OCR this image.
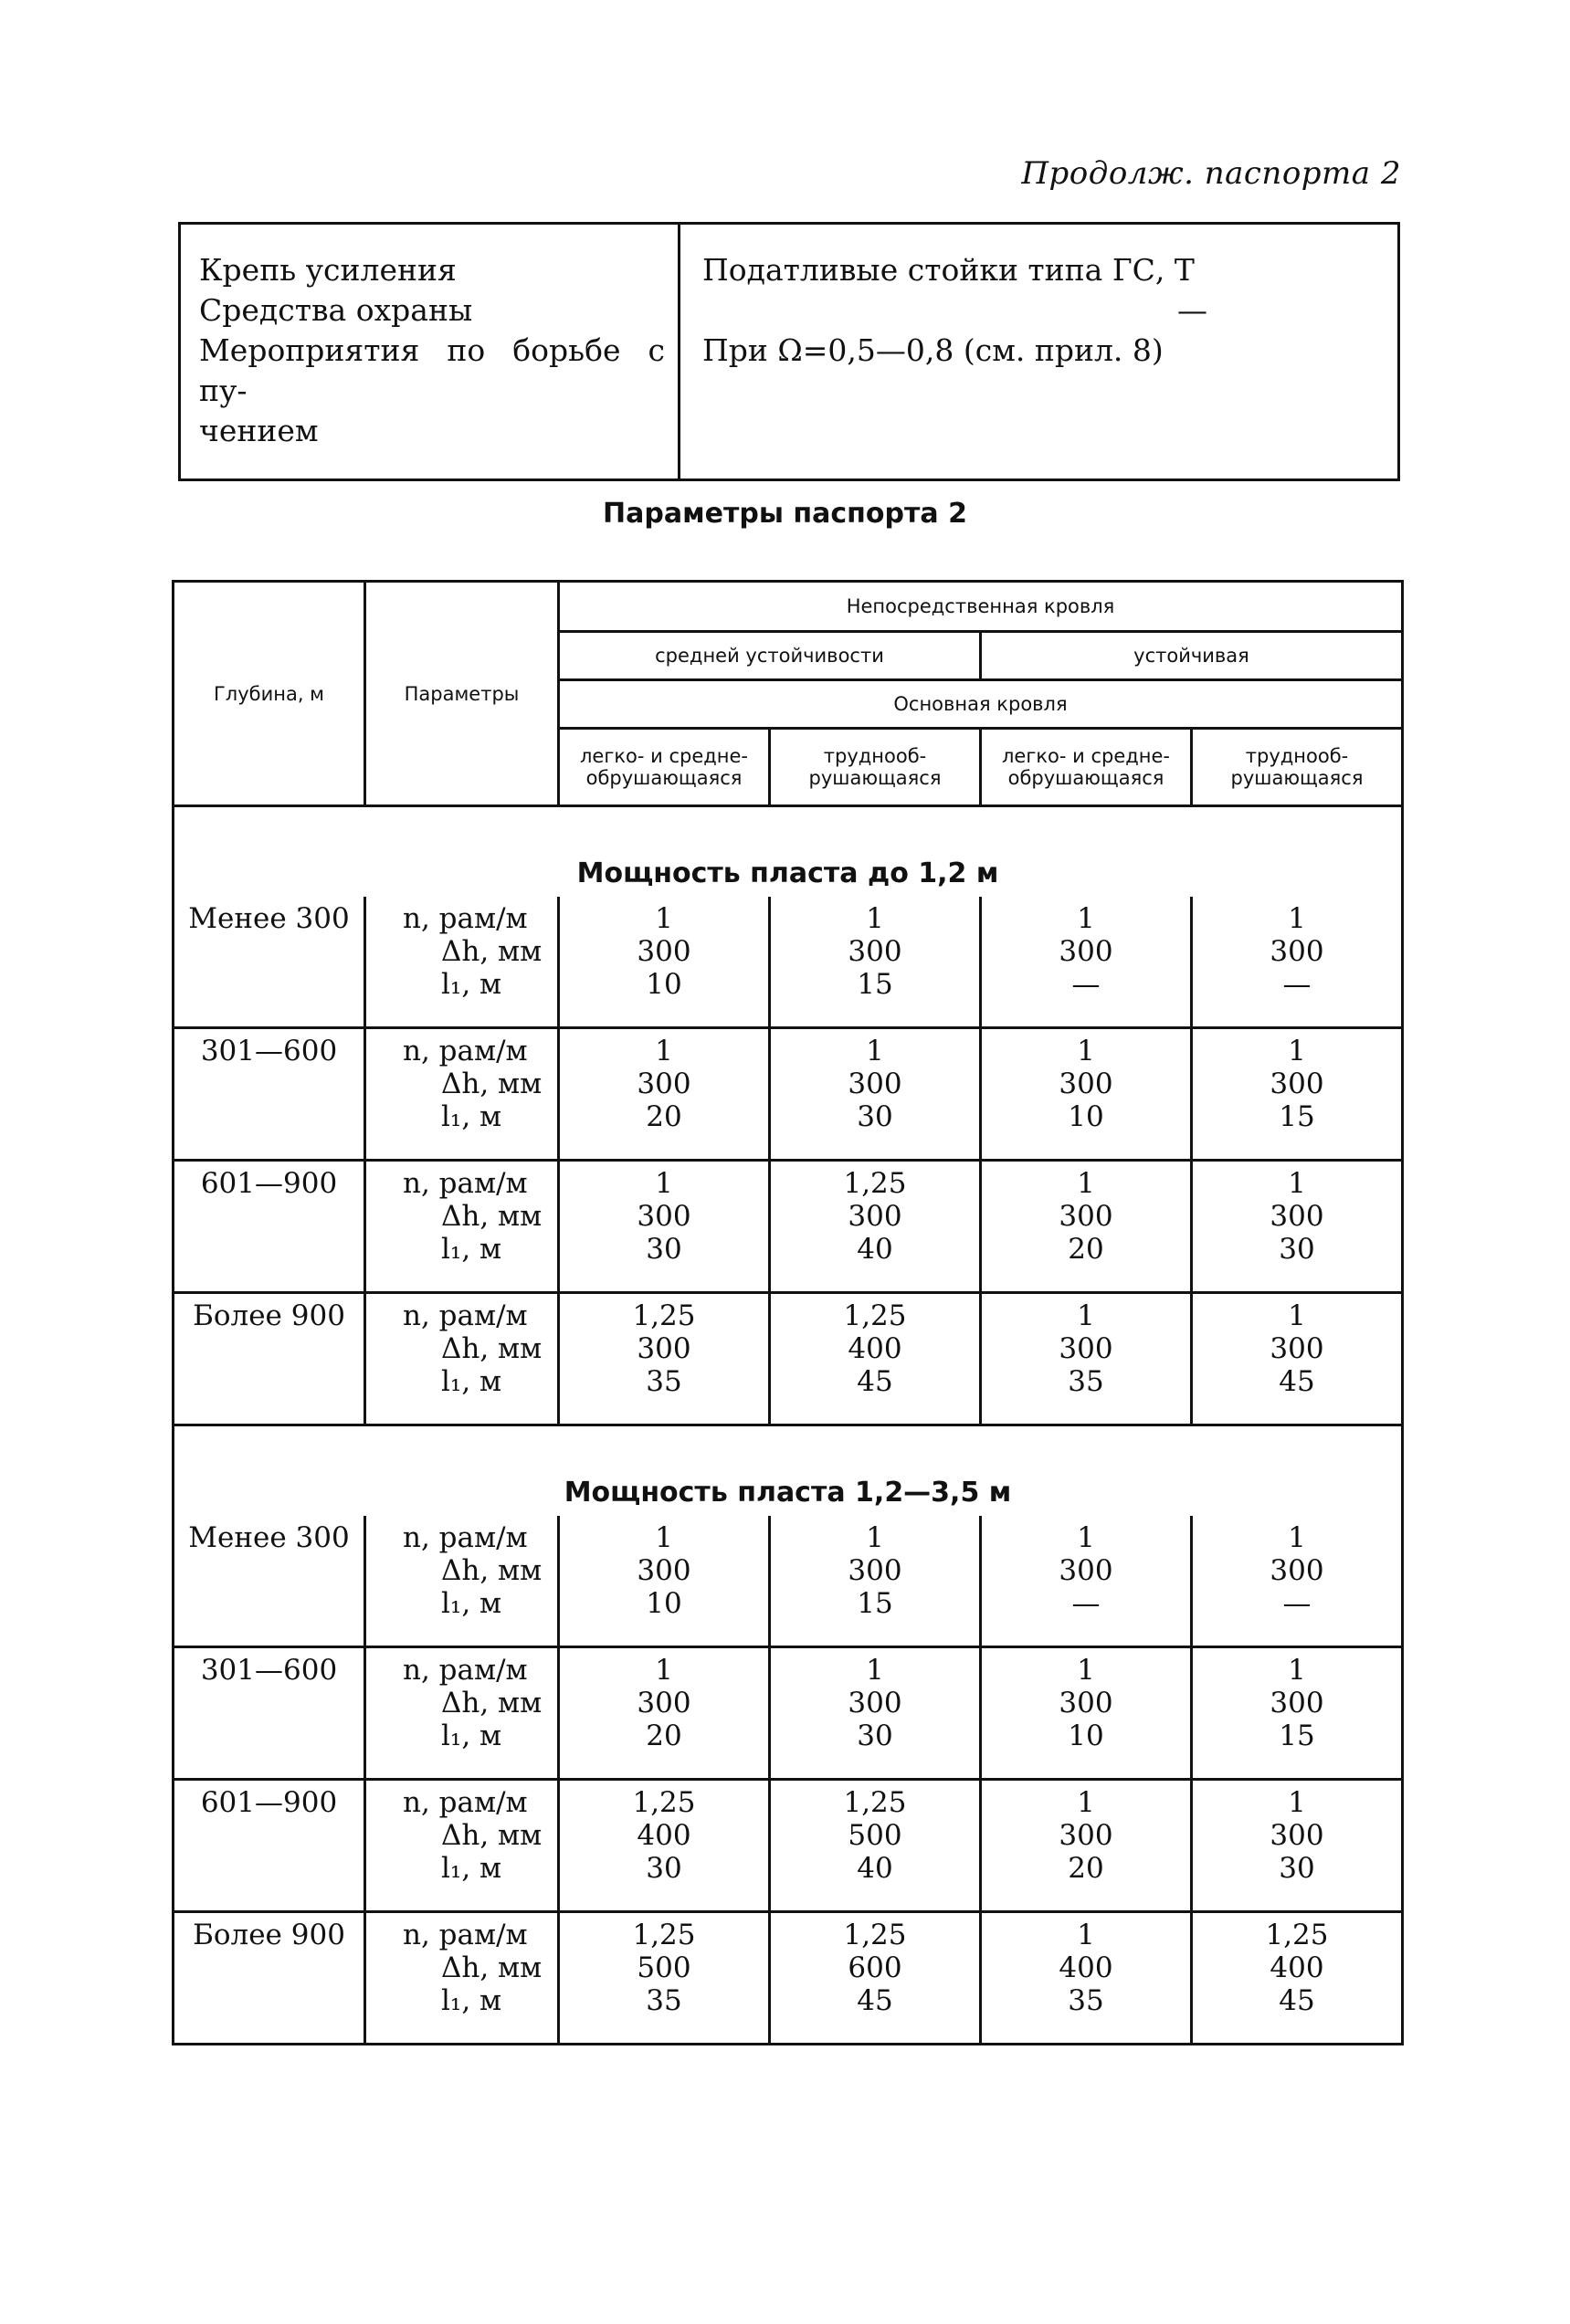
Продолж. паспорта 2
Крепь усиления
Средства охраны
Мероприятия по борьбе с пу-
чением

Податливые стойки типа ГС, Т
—
При Ω=0,5—0,8 (см. прил. 8)
Параметры паспорта 2
Глубина, м	Параметры	Непосредственная кровля			
		средней устойчивости		устойчивая	
		Основная кровля			
		легко- и средне-обрушающаяся	труднооб-рушающаяся	легко- и средне-обрушающаяся	труднооб-рушающаяся
Мощность пласта до 1,2 м					
Менее 300	n, рам/м
Δh, мм
l₁, м	1
300
10	1
300
15	1
300
—	1
300
—

301—600	n, рам/м
Δh, мм
l₁, м	1
300
20	1
300
30	1
300
10	1
300
15

601—900	n, рам/м
Δh, мм
l₁, м	1
300
30	1,25
300
40	1
300
20	1
300
30

Более 900	n, рам/м
Δh, мм
l₁, м	1,25
300
35	1,25
400
45	1
300
35	1
300
45

Мощность пласта 1,2—3,5 м					
Менее 300	n, рам/м
Δh, мм
l₁, м	1
300
10	1
300
15	1
300
—	1
300
—

301—600	n, рам/м
Δh, мм
l₁, м	1
300
20	1
300
30	1
300
10	1
300
15

601—900	n, рам/м
Δh, мм
l₁, м	1,25
400
30	1,25
500
40	1
300
20	1
300
30

Более 900	n, рам/м
Δh, мм
l₁, м	1,25
500
35	1,25
600
45	1
400
35	1,25
400
45
